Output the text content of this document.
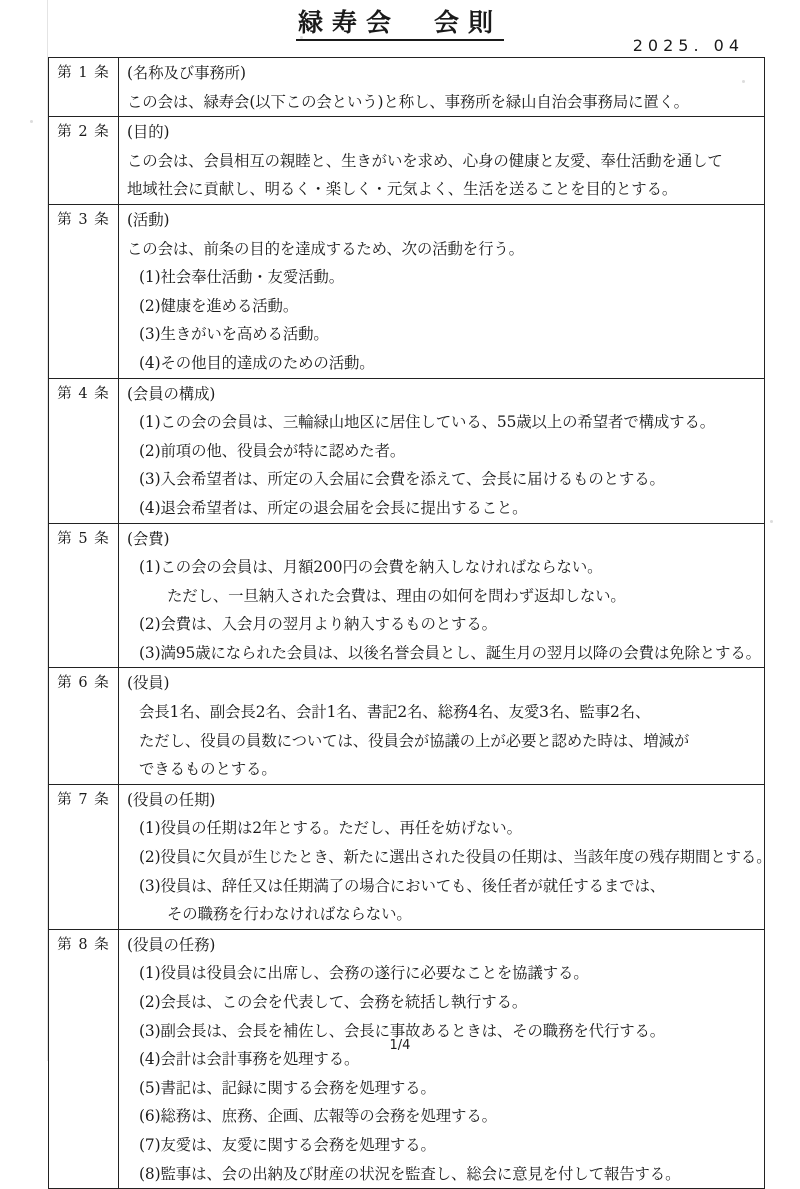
緑寿会　会則
2025. 04
第 1 条	(名称及び事務所)
この会は、緑寿会(以下この会という)と称し、事務所を緑山自治会事務局に置く。

第 2 条	(目的)
この会は、会員相互の親睦と、生きがいを求め、心身の健康と友愛、奉仕活動を通して
地域社会に貢献し、明るく・楽しく・元気よく、生活を送ることを目的とする。

第 3 条	(活動)
この会は、前条の目的を達成するため、次の活動を行う。
(1)社会奉仕活動・友愛活動。
(2)健康を進める活動。
(3)生きがいを高める活動。
(4)その他目的達成のための活動。

第 4 条	(会員の構成)
(1)この会の会員は、三輪緑山地区に居住している、55歳以上の希望者で構成する。
(2)前項の他、役員会が特に認めた者。
(3)入会希望者は、所定の入会届に会費を添えて、会長に届けるものとする。
(4)退会希望者は、所定の退会届を会長に提出すること。

第 5 条	(会費)
(1)この会の会員は、月額200円の会費を納入しなければならない。
ただし、一旦納入された会費は、理由の如何を問わず返却しない。
(2)会費は、入会月の翌月より納入するものとする。
(3)満95歳になられた会員は、以後名誉会員とし、誕生月の翌月以降の会費は免除とする。

第 6 条	(役員)
会長1名、副会長2名、会計1名、書記2名、総務4名、友愛3名、監事2名、
ただし、役員の員数については、役員会が協議の上が必要と認めた時は、増減が
できるものとする。

第 7 条	(役員の任期)
(1)役員の任期は2年とする。ただし、再任を妨げない。
(2)役員に欠員が生じたとき、新たに選出された役員の任期は、当該年度の残存期間とする。
(3)役員は、辞任又は任期満了の場合においても、後任者が就任するまでは、
その職務を行わなければならない。

第 8 条	(役員の任務)
(1)役員は役員会に出席し、会務の遂行に必要なことを協議する。
(2)会長は、この会を代表して、会務を統括し執行する。
(3)副会長は、会長を補佐し、会長に事故あるときは、その職務を代行する。
(4)会計は会計事務を処理する。
(5)書記は、記録に関する会務を処理する。
(6)総務は、庶務、企画、広報等の会務を処理する。
(7)友愛は、友愛に関する会務を処理する。
(8)監事は、会の出納及び財産の状況を監査し、総会に意見を付して報告する。
1/4
